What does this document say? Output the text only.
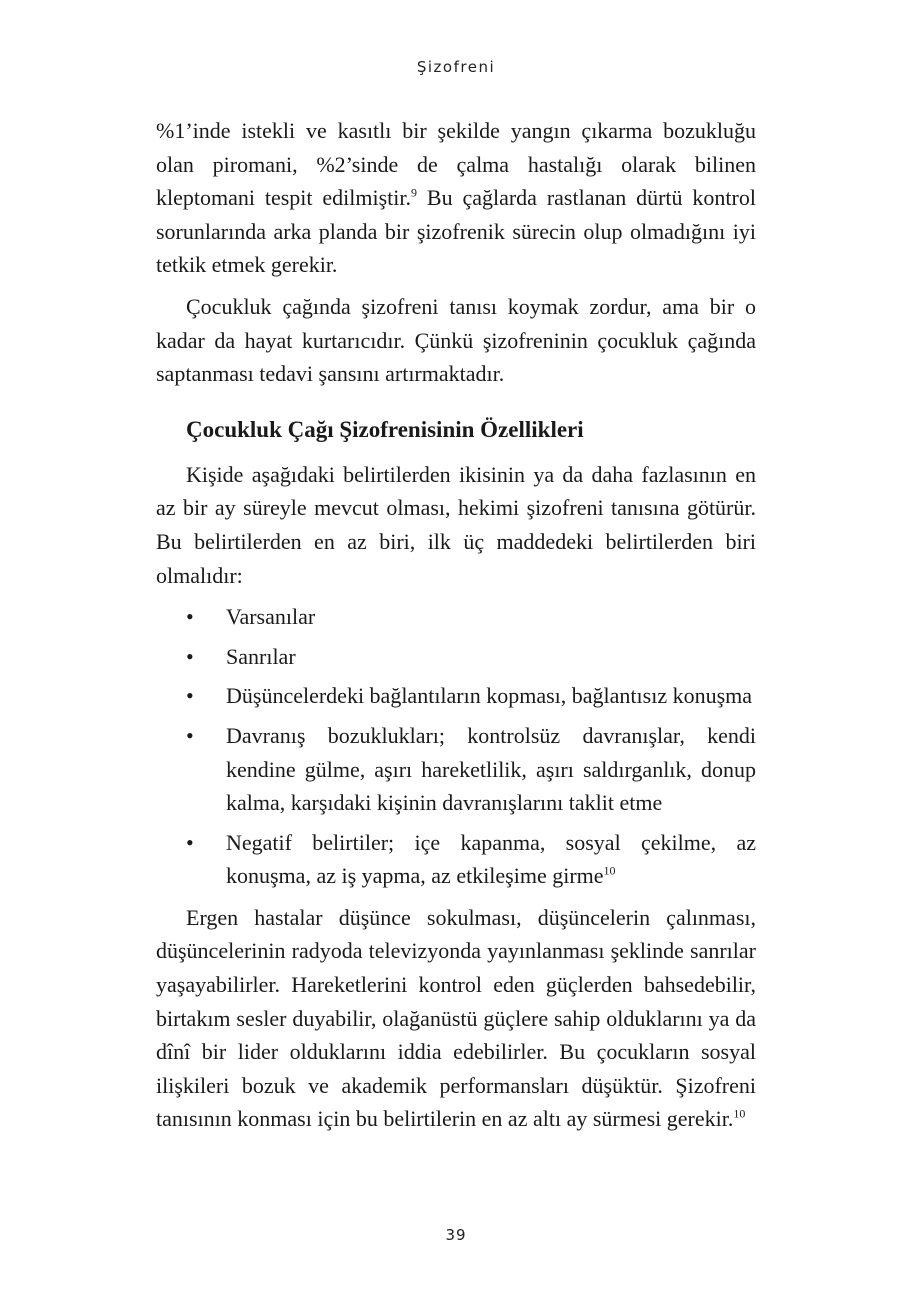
Şizofreni

%1’inde istekli ve kasıtlı bir şekilde yangın çıkarma bozukluğu olan piromani, %2’sinde de çalma hastalığı olarak bilinen kleptomani tespit edilmiştir.$^9$ Bu çağlarda rastlanan dürtü kontrol sorunlarında arka planda bir şizofrenik sürecin olup olmadığını iyi tetkik etmek gerekir.

Çocukluk çağında şizofreni tanısı koymak zordur, ama bir o kadar da hayat kurtarıcıdır. Çünkü şizofreninin çocukluk çağında saptanması tedavi şansını artırmaktadır.

Çocukluk Çağı Şizofrenisinin Özellikleri

Kişide aşağıdaki belirtilerden ikisinin ya da daha fazlasının en az bir ay süreyle mevcut olması, hekimi şizofreni tanısına götürür. Bu belirtilerden en az biri, ilk üç maddedeki belirtilerden biri olmalıdır:

• Varsanılar
• Sanrılar
• Düşüncelerdeki bağlantıların kopması, bağlantısız konuşma
• Davranış bozuklukları; kontrolsüz davranışlar, kendi kendine gülme, aşırı hareketlilik, aşırı saldırganlık, donup kalma, karşıdaki kişinin davranışlarını taklit etme
• Negatif belirtiler; içe kapanma, sosyal çekilme, az konuşma, az iş yapma, az etkileşime girme$^{10}$

Ergen hastalar düşünce sokulması, düşüncelerin çalınması, düşüncelerinin radyoda televizyonda yayınlanması şeklinde sanrılar yaşayabilirler. Hareketlerini kontrol eden güçlerden bahsedebilir, birtakım sesler duyabilir, olağanüstü güçlere sahip olduklarını ya da dînî bir lider olduklarını iddia edebilirler. Bu çocukların sosyal ilişkileri bozuk ve akademik performansları düşüktür. Şizofreni tanısının konması için bu belirtilerin en az altı ay sürmesi gerekir.$^{10}$

39
